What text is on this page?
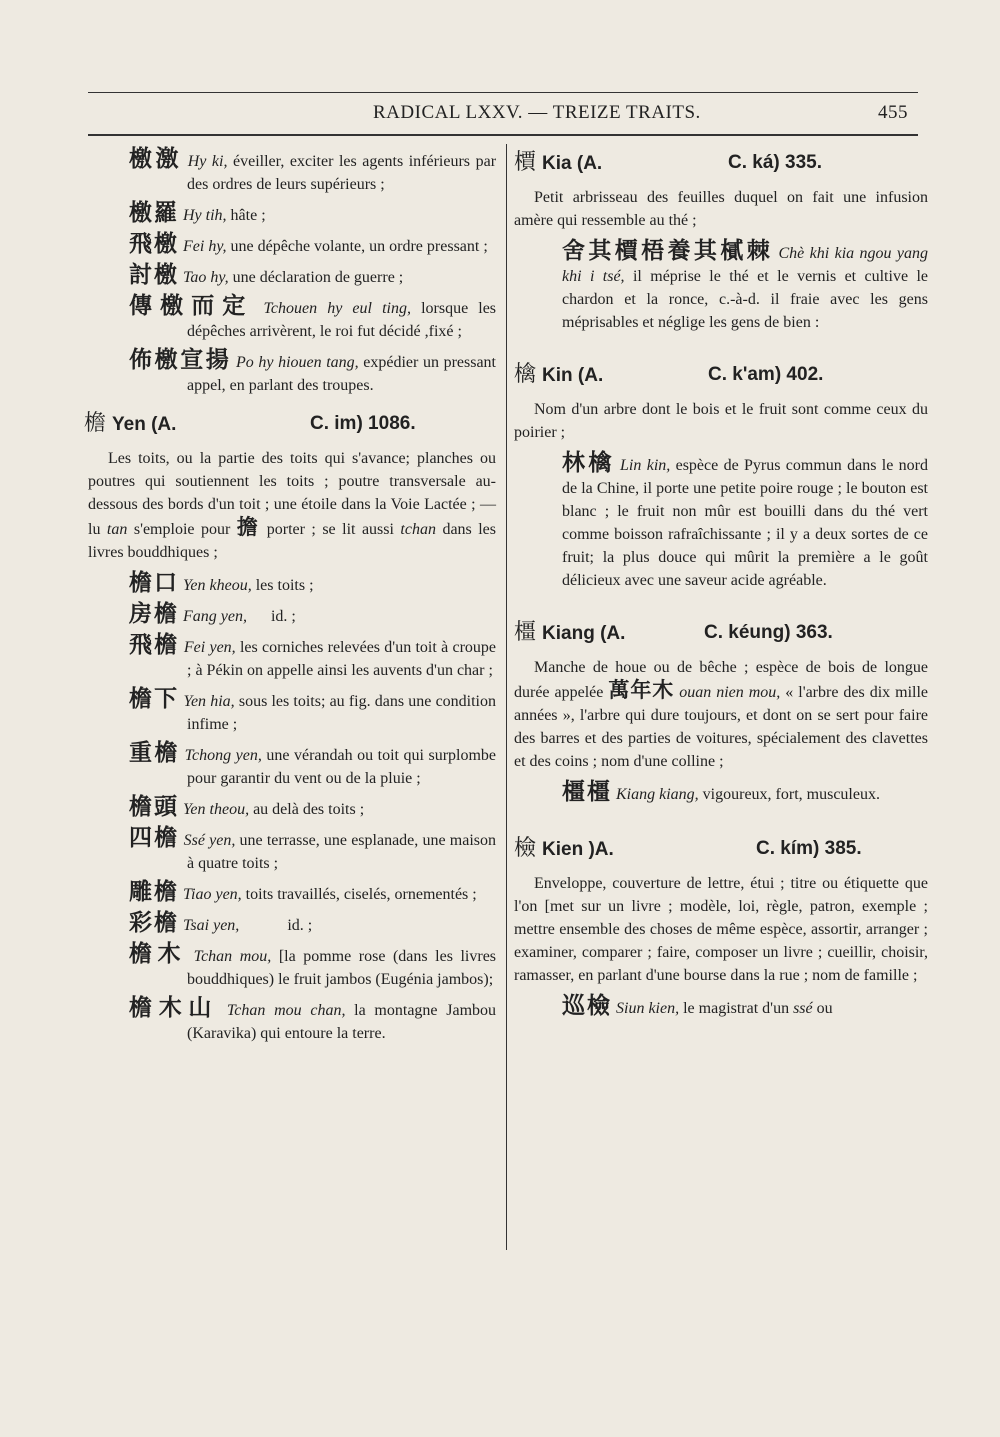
RADICAL LXXV. — TREIZE TRAITS.	455
檄激 Hy ki, éveiller, exciter les agents inférieurs par des ordres de leurs supérieurs ;
檄羅 Hy tih, hâte ;
飛檄 Fei hy, une dépêche volante, un ordre pressant ;
討檄 Tao hy, une déclaration de guerre ;
傳檄而定 Tchouen hy eul ting, lorsque les dépêches arrivèrent, le roi fut décidé ,fixé ;
佈檄宣揚 Po hy hiouen tang, expédier un pressant appel, en parlant des troupes.
檐 Yen (A.	C. im) 1086.
Les toits, ou la partie des toits qui s'avance; planches ou poutres qui soutiennent les toits ; poutre transversale au-dessous des bords d'un toit ; une étoile dans la Voie Lactée ; — lu tan s'emploie pour 擔 porter ; se lit aussi tchan dans les livres bouddhiques ;
檐口 Yen kheou, les toits ;
房檐 Fang yen,      id. ;
飛檐 Fei yen, les corniches relevées d'un toit à croupe ; à Pékin on appelle ainsi les auvents d'un char ;
檐下 Yen hia, sous les toits; au fig. dans une condition infime ;
重檐 Tchong yen, une vérandah ou toit qui surplombe pour garantir du vent ou de la pluie ;
檐頭 Yen theou, au delà des toits ;
四檐 Ssé yen, une terrasse, une esplanade, une maison à quatre toits ;
雕檐 Tiao yen, toits travaillés, ciselés, ornementés ;
彩檐 Tsai yen,            id. ;
檐木 Tchan mou, [la pomme rose (dans les livres bouddhiques) le fruit jambos (Eugénia jambos);
檐木山 Tchan mou chan, la montagne Jambou (Karavika) qui entoure la terre.
檟 Kia (A.	C. ká) 335.
Petit arbrisseau des feuilles duquel on fait une infusion amère qui ressemble au thé ;
舍其檟梧養其樲棘 Chè khi kia ngou yang khi i tsé, il méprise le thé et le vernis et cultive le chardon et la ronce, c.-à-d. il fraie avec les gens méprisables et néglige les gens de bien :
檎 Kin (A.	C. k'am) 402.
Nom d'un arbre dont le bois et le fruit sont comme ceux du poirier ;
林檎 Lin kin, espèce de Pyrus commun dans le nord de la Chine, il porte une petite poire rouge ; le bouton est blanc ; le fruit non mûr est bouilli dans du thé vert comme boisson rafraîchissante ; il y a deux sortes de ce fruit; la plus douce qui mûrit la première a le goût délicieux avec une saveur acide agréable.
橿 Kiang (A.	C. kéung) 363.
Manche de houe ou de bêche ; espèce de bois de longue durée appelée 萬年木 ouan nien mou, « l'arbre des dix mille années », l'arbre qui dure toujours, et dont on se sert pour faire des barres et des parties de voitures, spécialement des clavettes et des coins ; nom d'une colline ;
橿橿 Kiang kiang, vigoureux, fort, musculeux.
檢 Kien )A.	C. kím) 385.
Enveloppe, couverture de lettre, étui ; titre ou étiquette que l'on [met sur un livre ; modèle, loi, règle, patron, exemple ; mettre ensemble des choses de même espèce, assortir, arranger ; examiner, comparer ; faire, composer un livre ; cueillir, choisir, ramasser, en parlant d'une bourse dans la rue ; nom de famille ;
巡檢 Siun kien, le magistrat d'un ssé ou
